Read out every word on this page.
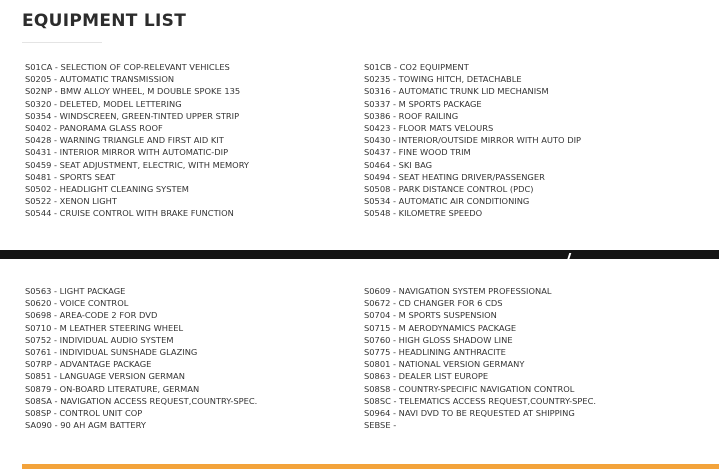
EQUIPMENT LIST
S01CA - SELECTION OF COP-RELEVANT VEHICLES
S0205 - AUTOMATIC TRANSMISSION
S02NP - BMW ALLOY WHEEL, M DOUBLE SPOKE 135
S0320 - DELETED, MODEL LETTERING
S0354 - WINDSCREEN, GREEN-TINTED UPPER STRIP
S0402 - PANORAMA GLASS ROOF
S0428 - WARNING TRIANGLE AND FIRST AID KIT
S0431 - INTERIOR MIRROR WITH AUTOMATIC-DIP
S0459 - SEAT ADJUSTMENT, ELECTRIC, WITH MEMORY
S0481 - SPORTS SEAT
S0502 - HEADLIGHT CLEANING SYSTEM
S0522 - XENON LIGHT
S0544 - CRUISE CONTROL WITH BRAKE FUNCTION
S01CB - CO2 EQUIPMENT
S0235 - TOWING HITCH, DETACHABLE
S0316 - AUTOMATIC TRUNK LID MECHANISM
S0337 - M SPORTS PACKAGE
S0386 - ROOF RAILING
S0423 - FLOOR MATS VELOURS
S0430 - INTERIOR/OUTSIDE MIRROR WITH AUTO DIP
S0437 - FINE WOOD TRIM
S0464 - SKI BAG
S0494 - SEAT HEATING DRIVER/PASSENGER
S0508 - PARK DISTANCE CONTROL (PDC)
S0534 - AUTOMATIC AIR CONDITIONING
S0548 - KILOMETRE SPEEDO
S0563 - LIGHT PACKAGE
S0620 - VOICE CONTROL
S0698 - AREA-CODE 2 FOR DVD
S0710 - M LEATHER STEERING WHEEL
S0752 - INDIVIDUAL AUDIO SYSTEM
S0761 - INDIVIDUAL SUNSHADE GLAZING
S07RP - ADVANTAGE PACKAGE
S0851 - LANGUAGE VERSION GERMAN
S0879 - ON-BOARD LITERATURE, GERMAN
S08SA - NAVIGATION ACCESS REQUEST,COUNTRY-SPEC.
S08SP - CONTROL UNIT COP
SA090 - 90 AH AGM BATTERY
S0609 - NAVIGATION SYSTEM PROFESSIONAL
S0672 - CD CHANGER FOR 6 CDS
S0704 - M SPORTS SUSPENSION
S0715 - M AERODYNAMICS PACKAGE
S0760 - HIGH GLOSS SHADOW LINE
S0775 - HEADLINING ANTHRACITE
S0801 - NATIONAL VERSION GERMANY
S0863 - DEALER LIST EUROPE
S08S8 - COUNTRY-SPECIFIC NAVIGATION CONTROL
S08SC - TELEMATICS ACCESS REQUEST,COUNTRY-SPEC.
S0964 - NAVI DVD TO BE REQUESTED AT SHIPPING
SEBSE -
